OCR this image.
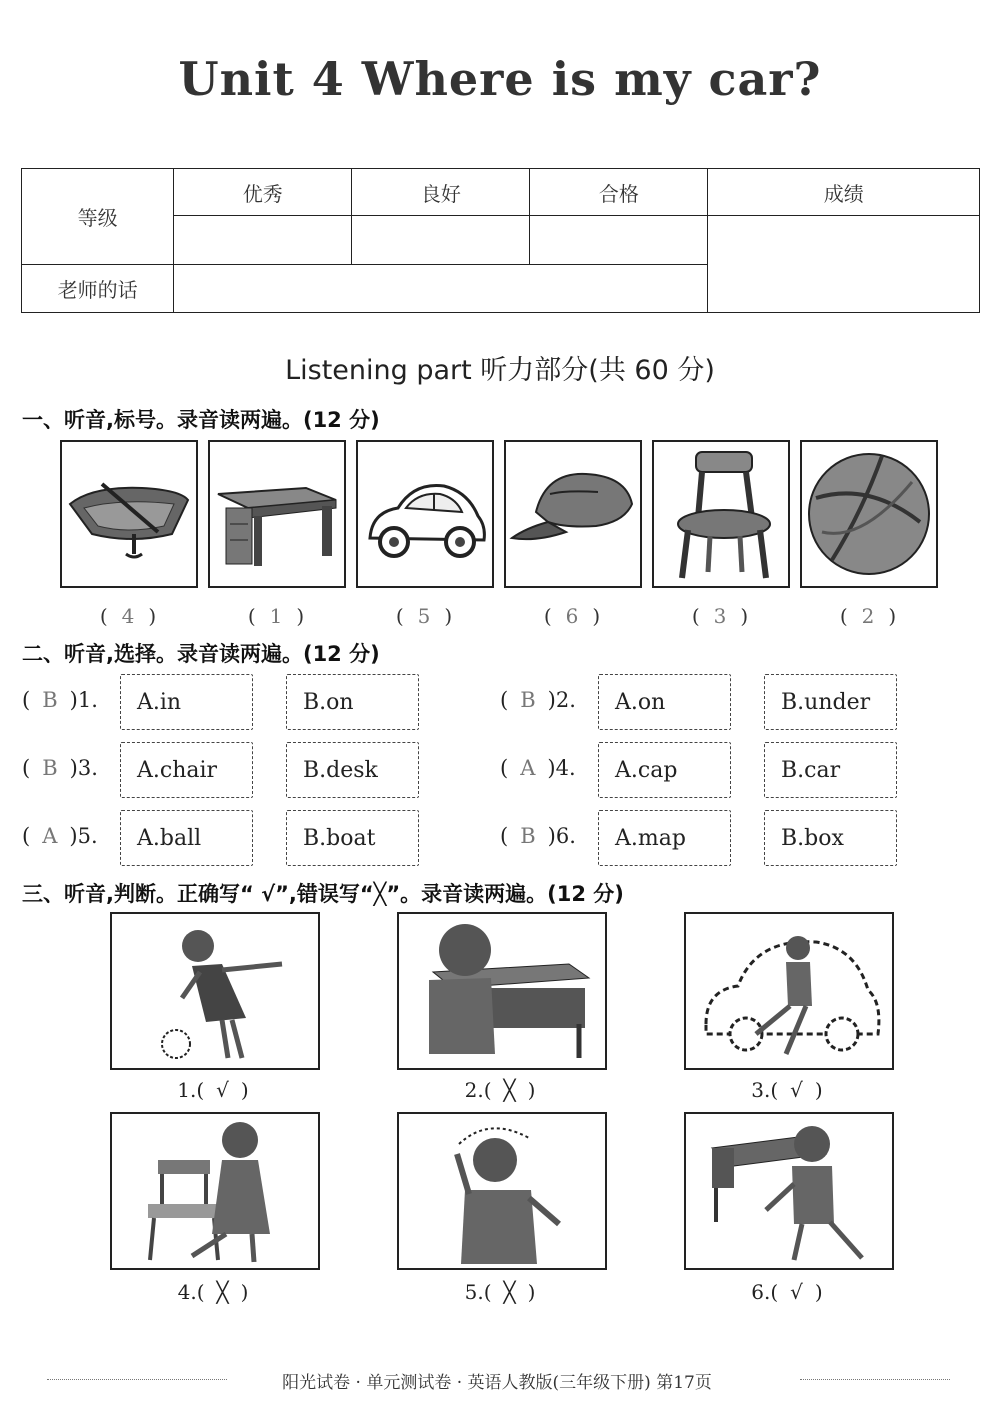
Unit 4 Where is my car?
等级	优秀	良好	合格	成绩

老师的话				
Listening part 听力部分(共 60 分)
一、听音,标号。录音读两遍。(12 分)
( 4 )	( 1 )	( 5 )	( 6 )	( 3 )	( 2 )
二、听音,选择。录音读两遍。(12 分)
( B )1.	A.in	B.on	( B )2.	A.on	B.under
( B )3.	A.chair	B.desk	( A )4.	A.cap	B.car
( A )5.	A.ball	B.boat	( B )6.	A.map	B.box
三、听音,判断。正确写“ √”,错误写“╳”。录音读两遍。(12 分)
1.( √ )	2.( ╳ )	3.( √ )
4.( ╳ )	5.( ╳ )	6.( √ )
阳光试卷 · 单元测试卷 · 英语人教版(三年级下册) 第17页
